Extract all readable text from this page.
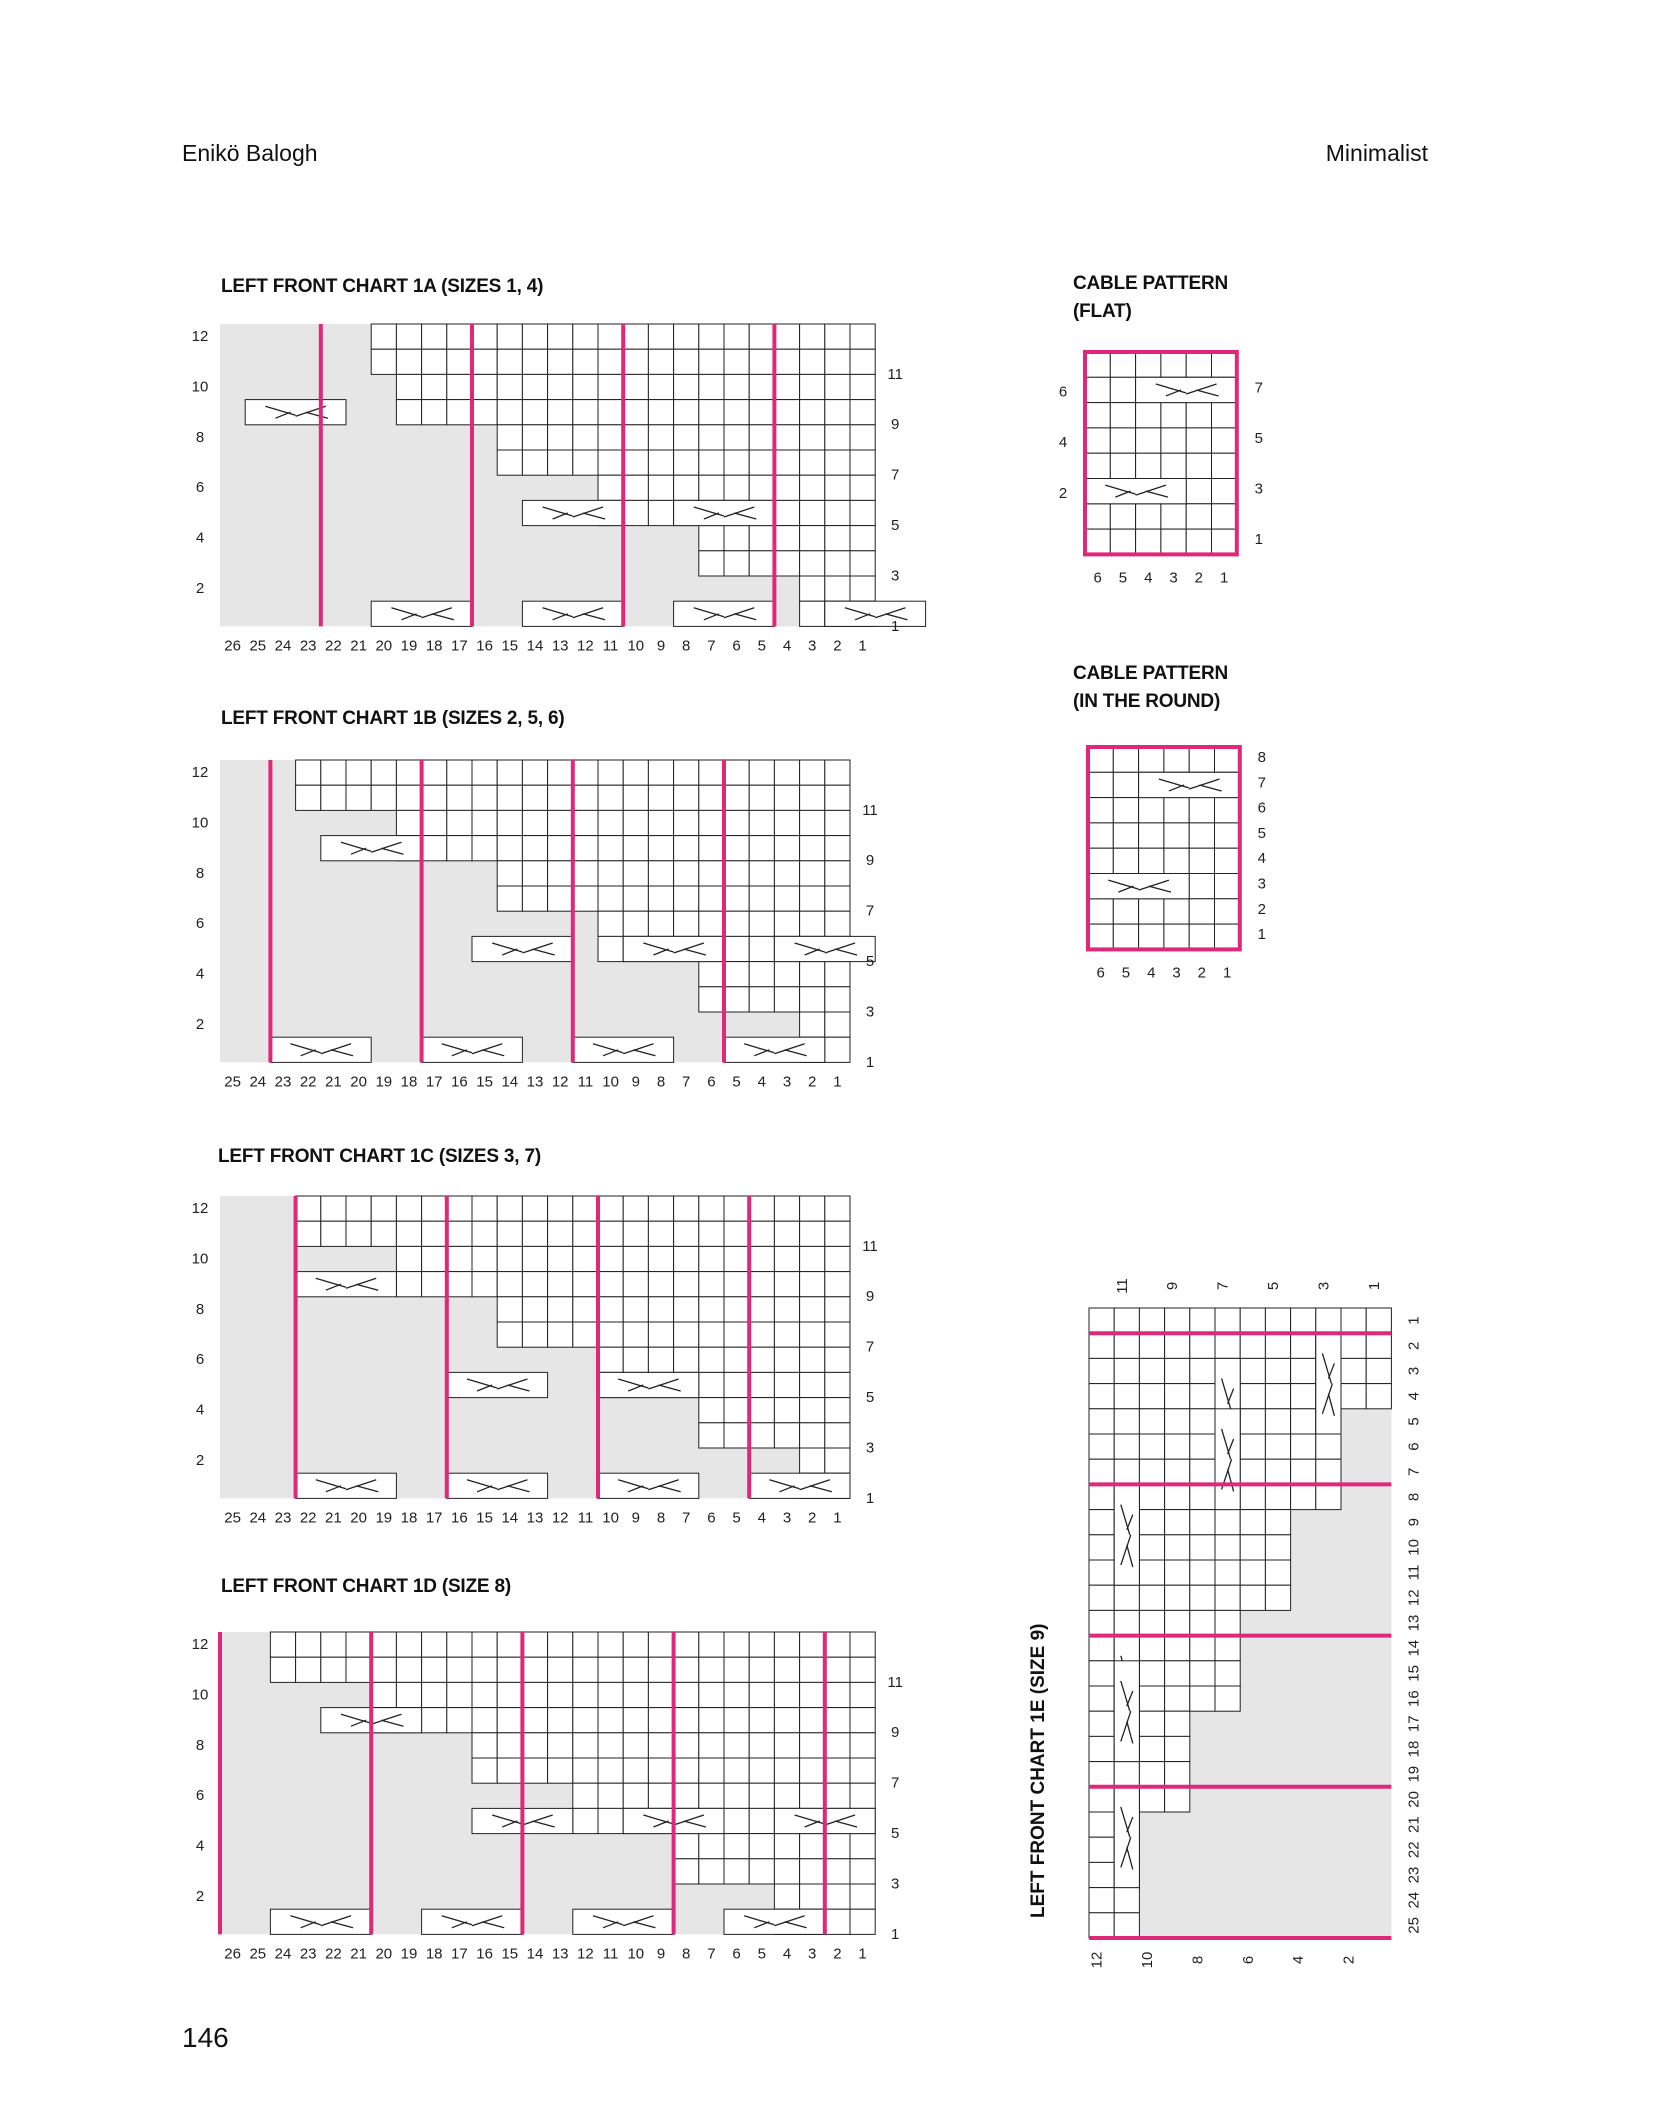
Enikö Balogh	Minimalist
LEFT FRONT CHART 1A (SIZES 1, 4)
LEFT FRONT CHART 1B (SIZES 2, 5, 6)
LEFT FRONT CHART 1C (SIZES 3, 7)
LEFT FRONT CHART 1D (SIZE 8)
CABLE PATTERN
(FLAT)
CABLE PATTERN
(IN THE ROUND)
LEFT FRONT CHART 1E (SIZE 9)
12
10
8
6
4
2
11
9
7
5
3
1
26 25 24 23 22 21 20 19 18 17 16 15 14 13 12 11 10 9 8 7 6 5 4 3 2 1
12
10
8
6
4
2
11
9
7
5
3
1
25 24 23 22 21 20 19 18 17 16 15 14 13 12 11 10 9 8 7 6 5 4 3 2 1
12
10
8
6
4
2
11
9
7
5
3
1
25 24 23 22 21 20 19 18 17 16 15 14 13 12 11 10 9 8 7 6 5 4 3 2 1
12
10
8
6
4
2
11
9
7
5
3
1
26 25 24 23 22 21 20 19 18 17 16 15 14 13 12 11 10 9 8 7 6 5 4 3 2 1
6
4
2
7
5
3
1
6 5 4 3 2 1
8
7
6
5
4
3
2
1
6 5 4 3 2 1
11 9 7 5 3 1
12 10 8 6 4 2
1
2
3
4
5
6
7
8
9
10
11
12
13
14
15
16
17
18
19
20
21
22
23
24
25
146
